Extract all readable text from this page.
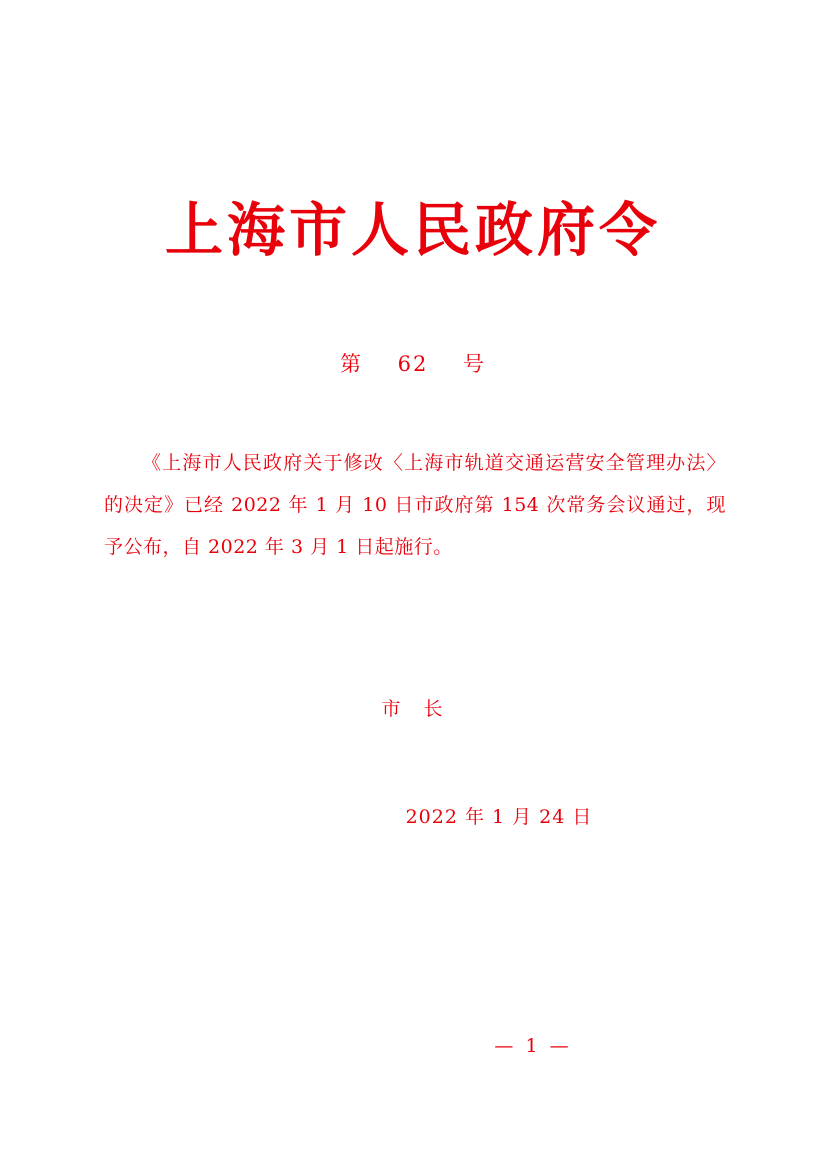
上海市人民政府令
第 62 号

《上海市人民政府关于修改〈上海市轨道交通运营安全管理办法〉的决定》已经 2022 年 1 月 10 日市政府第 154 次常务会议通过，现予公布，自 2022 年 3 月 1 日起施行。

市　长
2022 年 1 月 24 日
— 1 —
